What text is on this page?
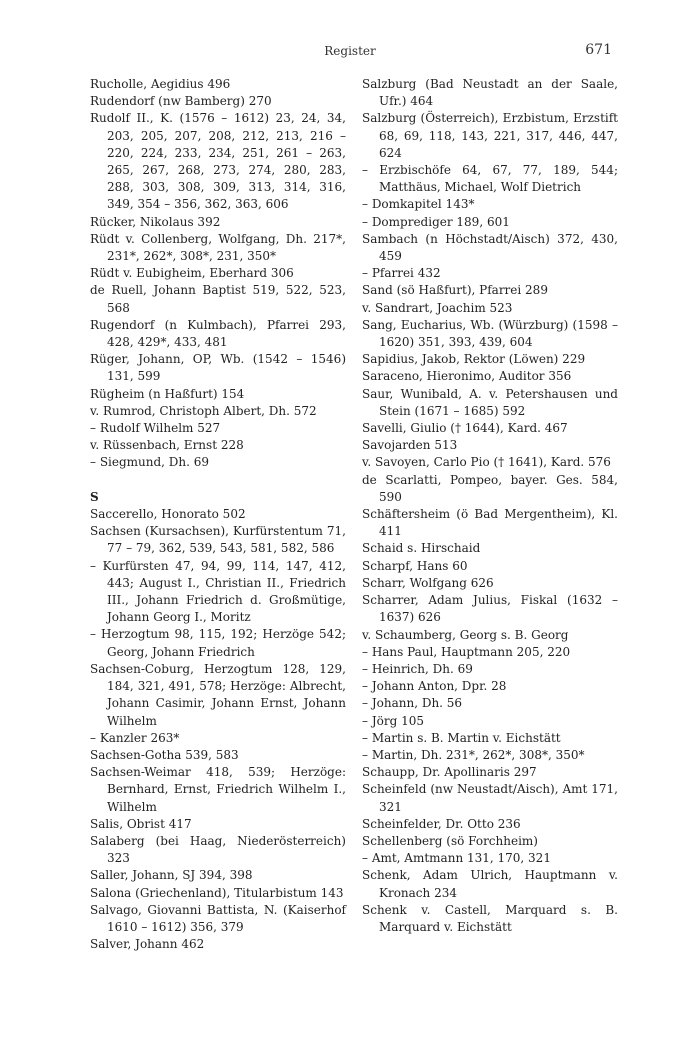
Register	671
Rucholle, Aegidius 496
Rudendorf (nw Bamberg) 270
Rudolf II., K. (1576 – 1612) 23, 24, 34, 203, 205, 207, 208, 212, 213, 216 – 220, 224, 233, 234, 251, 261 – 263, 265, 267, 268, 273, 274, 280, 283, 288, 303, 308, 309, 313, 314, 316, 349, 354 – 356, 362, 363, 606
Rücker, Nikolaus 392
Rüdt v. Collenberg, Wolfgang, Dh. 217*, 231*, 262*, 308*, 231, 350*
Rüdt v. Eubigheim, Eberhard 306
de Ruell, Johann Baptist 519, 522, 523, 568
Rugendorf (n Kulmbach), Pfarrei 293, 428, 429*, 433, 481
Rüger, Johann, OP, Wb. (1542 – 1546) 131, 599
Rügheim (n Haßfurt) 154
v. Rumrod, Christoph Albert, Dh. 572
– Rudolf Wilhelm 527
v. Rüssenbach, Ernst 228
– Siegmund, Dh. 69
S
Saccerello, Honorato 502
Sachsen (Kursachsen), Kurfürstentum 71, 77 – 79, 362, 539, 543, 581, 582, 586
– Kurfürsten 47, 94, 99, 114, 147, 412, 443; August I., Christian II., Friedrich III., Johann Friedrich d. Großmütige, Johann Georg I., Moritz
– Herzogtum 98, 115, 192; Herzöge 542; Georg, Johann Friedrich
Sachsen-Coburg, Herzogtum 128, 129, 184, 321, 491, 578; Herzöge: Albrecht, Johann Casimir, Johann Ernst, Johann Wilhelm
– Kanzler 263*
Sachsen-Gotha 539, 583
Sachsen-Weimar 418, 539; Herzöge: Bernhard, Ernst, Friedrich Wilhelm I., Wilhelm
Salis, Obrist 417
Salaberg (bei Haag, Niederösterreich) 323
Saller, Johann, SJ 394, 398
Salona (Griechenland), Titularbistum 143
Salvago, Giovanni Battista, N. (Kaiserhof 1610 – 1612) 356, 379
Salver, Johann 462
Salzburg (Bad Neustadt an der Saale, Ufr.) 464
Salzburg (Österreich), Erzbistum, Erzstift 68, 69, 118, 143, 221, 317, 446, 447, 624
– Erzbischöfe 64, 67, 77, 189, 544; Matthäus, Michael, Wolf Dietrich
– Domkapitel 143*
– Domprediger 189, 601
Sambach (n Höchstadt/Aisch) 372, 430, 459
– Pfarrei 432
Sand (sö Haßfurt), Pfarrei 289
v. Sandrart, Joachim 523
Sang, Eucharius, Wb. (Würzburg) (1598 – 1620) 351, 393, 439, 604
Sapidius, Jakob, Rektor (Löwen) 229
Saraceno, Hieronimo, Auditor 356
Saur, Wunibald, A. v. Petershausen und Stein (1671 – 1685) 592
Savelli, Giulio († 1644), Kard. 467
Savojarden 513
v. Savoyen, Carlo Pio († 1641), Kard. 576
de Scarlatti, Pompeo, bayer. Ges. 584, 590
Schäftersheim (ö Bad Mergentheim), Kl. 411
Schaid s. Hirschaid
Scharpf, Hans 60
Scharr, Wolfgang 626
Scharrer, Adam Julius, Fiskal (1632 – 1637) 626
v. Schaumberg, Georg s. B. Georg
– Hans Paul, Hauptmann 205, 220
– Heinrich, Dh. 69
– Johann Anton, Dpr. 28
– Johann, Dh. 56
– Jörg 105
– Martin s. B. Martin v. Eichstätt
– Martin, Dh. 231*, 262*, 308*, 350*
Schaupp, Dr. Apollinaris 297
Scheinfeld (nw Neustadt/Aisch), Amt 171, 321
Scheinfelder, Dr. Otto 236
Schellenberg (sö Forchheim)
– Amt, Amtmann 131, 170, 321
Schenk, Adam Ulrich, Hauptmann v. Kronach 234
Schenk v. Castell, Marquard s. B. Marquard v. Eichstätt
